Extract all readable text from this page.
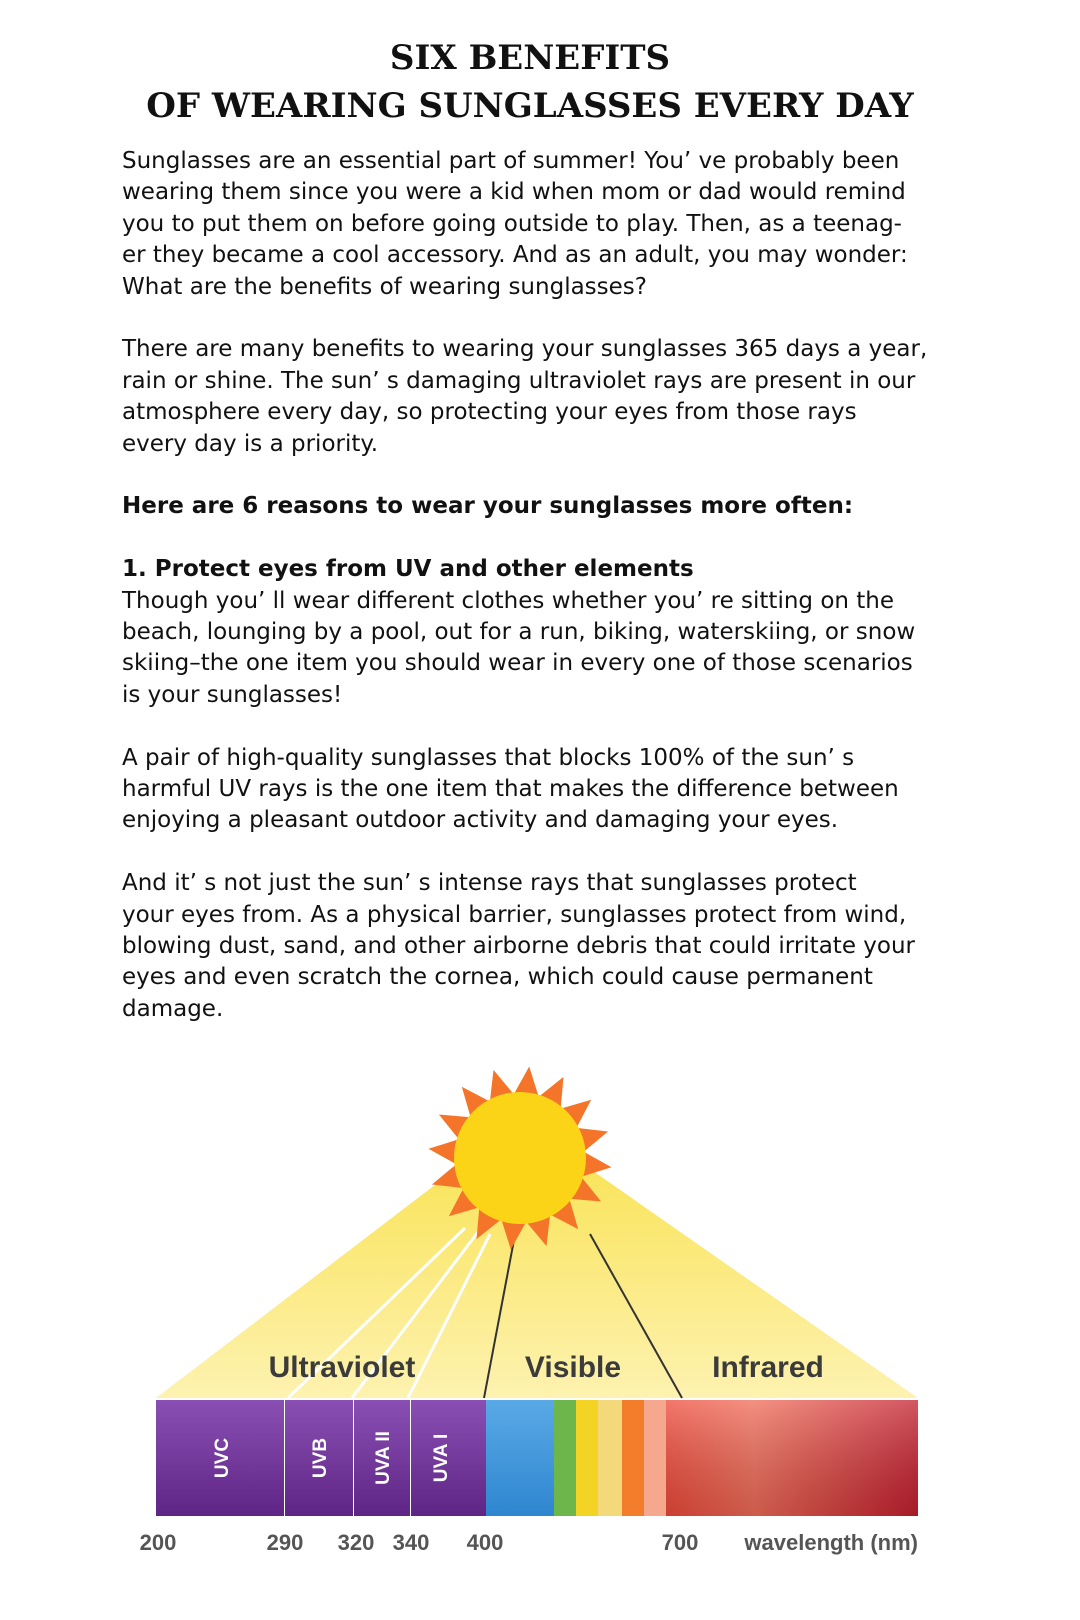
SIX BENEFITS
OF WEARING SUNGLASSES EVERY DAY

Sunglasses are an essential part of summer! You’ ve probably been
wearing them since you were a kid when mom or dad would remind
you to put them on before going outside to play. Then, as a teenag-
er they became a cool accessory. And as an adult, you may wonder:
What are the benefits of wearing sunglasses?

There are many benefits to wearing your sunglasses 365 days a year,
rain or shine. The sun’ s damaging ultraviolet rays are present in our
atmosphere every day, so protecting your eyes from those rays
every day is a priority.

Here are 6 reasons to wear your sunglasses more often:

1. Protect eyes from UV and other elements
Though you’ ll wear different clothes whether you’ re sitting on the
beach, lounging by a pool, out for a run, biking, waterskiing, or snow
skiing–the one item you should wear in every one of those scenarios
is your sunglasses!

A pair of high-quality sunglasses that blocks 100% of the sun’ s
harmful UV rays is the one item that makes the difference between
enjoying a pleasant outdoor activity and damaging your eyes.

And it’ s not just the sun’ s intense rays that sunglasses protect
your eyes from. As a physical barrier, sunglasses protect from wind,
blowing dust, sand, and other airborne debris that could irritate your
eyes and even scratch the cornea, which could cause permanent
damage.

Ultraviolet	Visible	Infrared
UVC	UVB UVA II UVA I
200	290 320 340 400	700 wavelength (nm)
